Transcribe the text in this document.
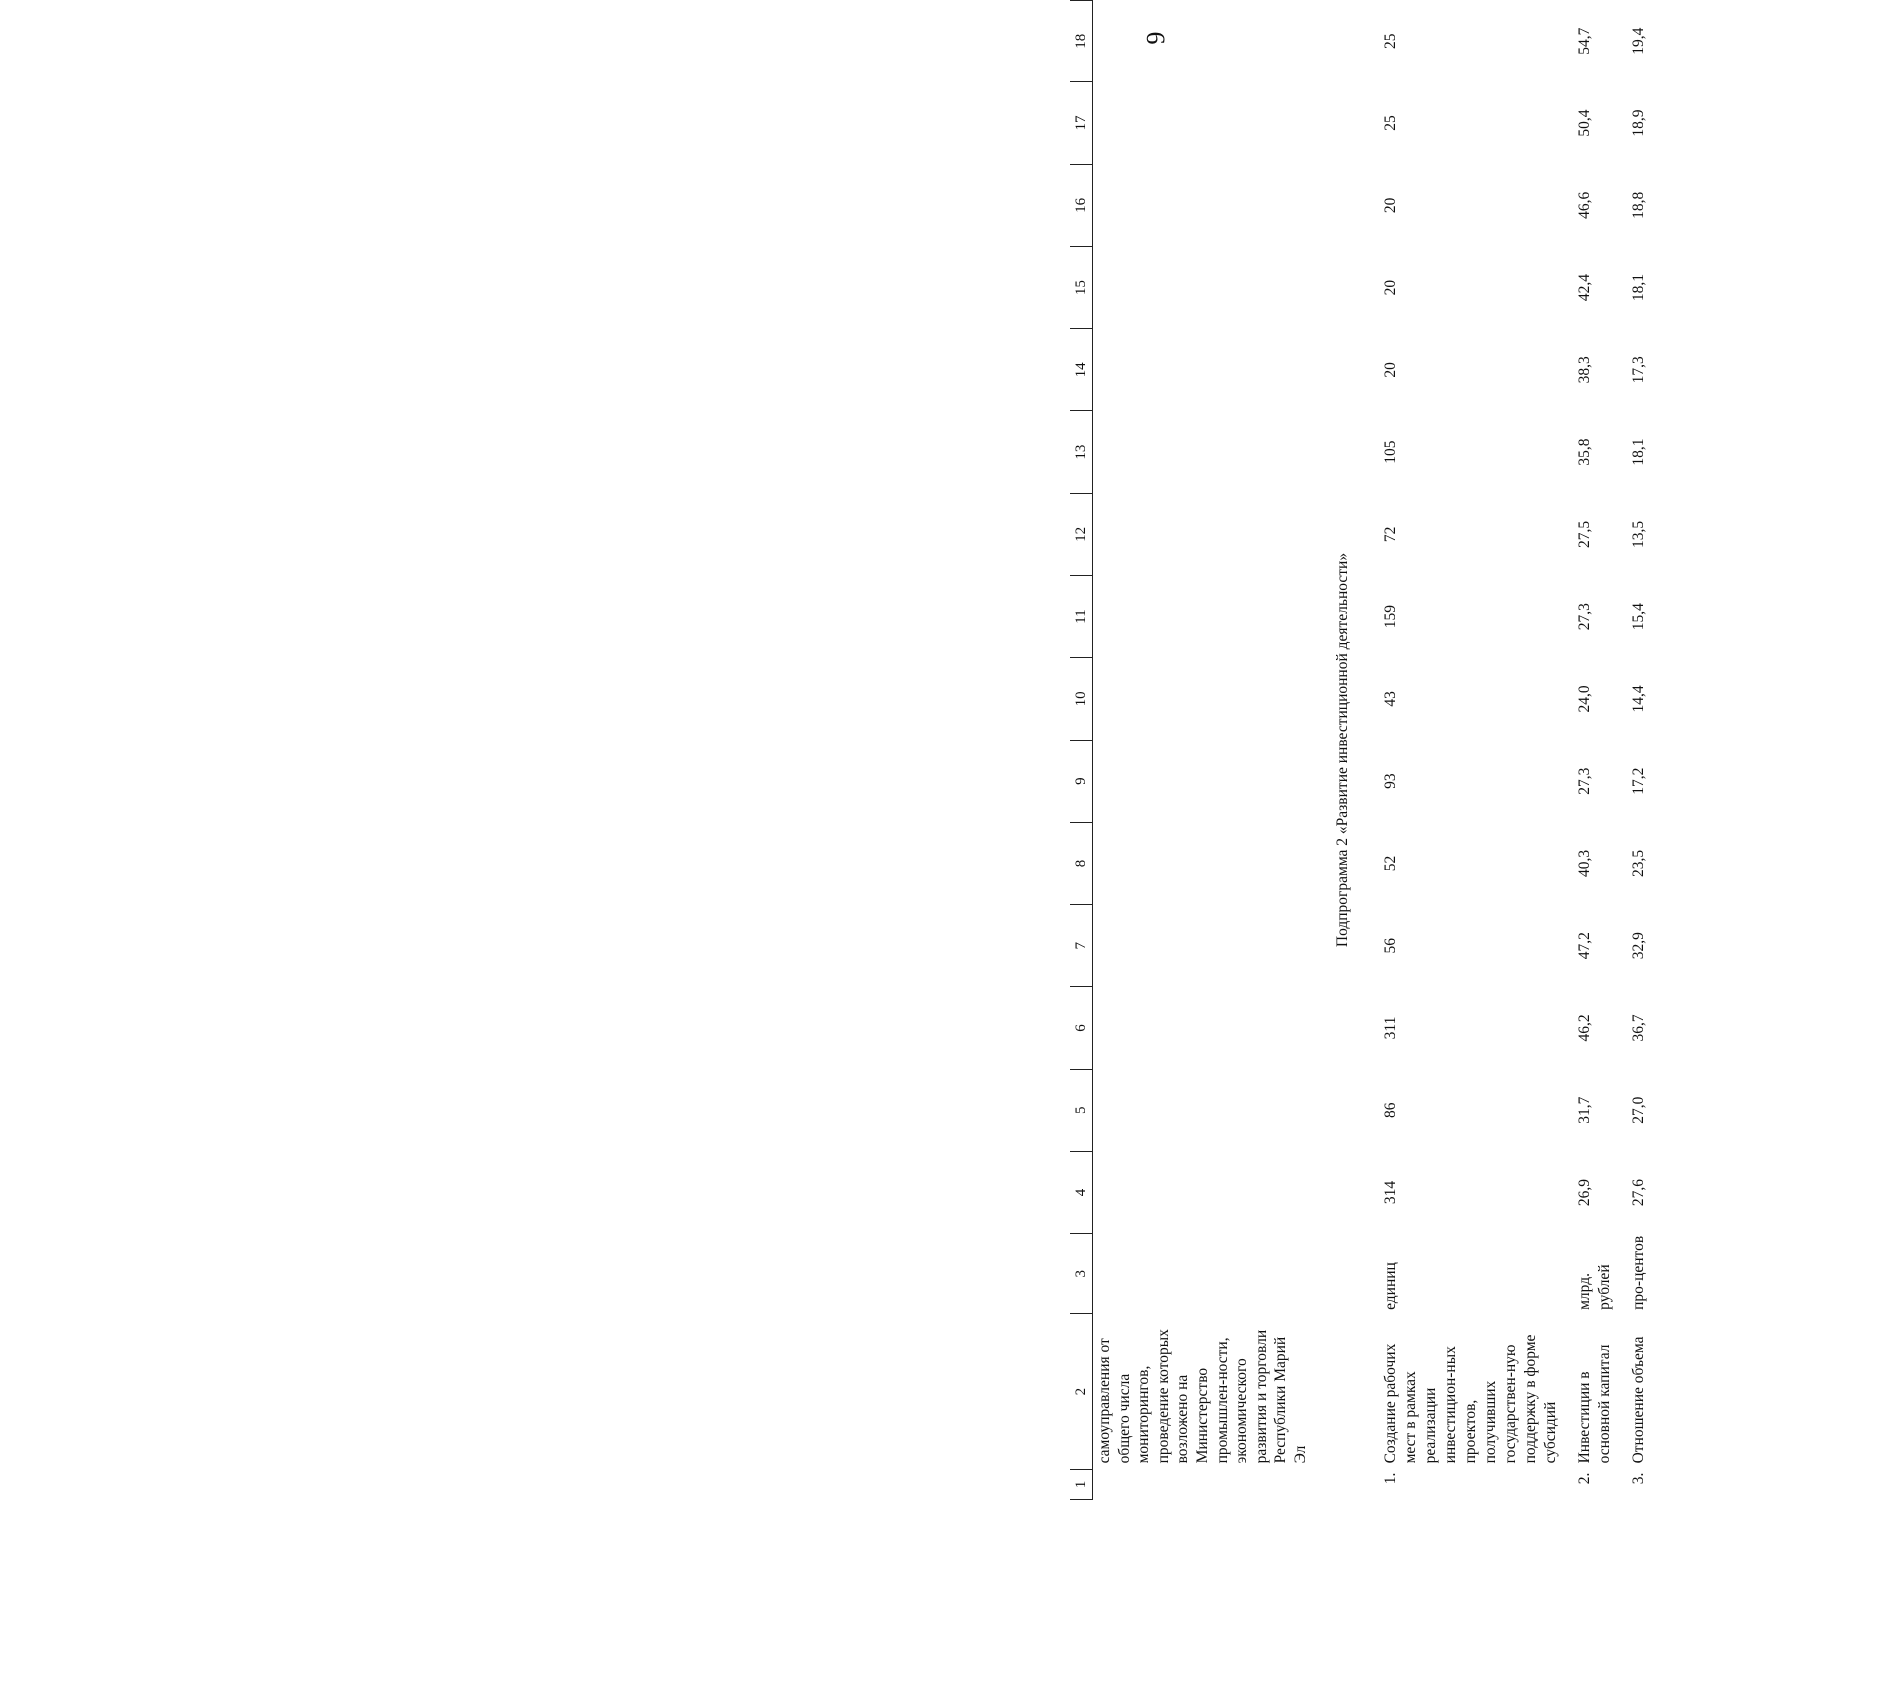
6
1	2	3	4	5	6	7	8	9	10	11	12	13	14	15	16	17	18
	самоуправления от общего числа мониторингов, проведение которых возложено на Министерство промышлен-ности, экономического развития и торговли Республики Марий Эл																
Подпрограмма 2 «Развитие инвестиционной деятельности»																	
1.	Создание рабочих мест в рамках реализации инвестицион-ных проектов, получивших государствен-ную поддержку в форме субсидий	единиц	314	86	311	56	52	93	43	159	72	105	20	20	20	25	25

2.	Инвестиции в основной капитал	млрд. рублей	26,9	31,7	46,2	47,2	40,3	27,3	24,0	27,3	27,5	35,8	38,3	42,4	46,6	50,4	54,7

3.	Отношение объема	про-центов	27,6	27,0	36,7	32,9	23,5	17,2	14,4	15,4	13,5	18,1	17,3	18,1	18,8	18,9	19,4
